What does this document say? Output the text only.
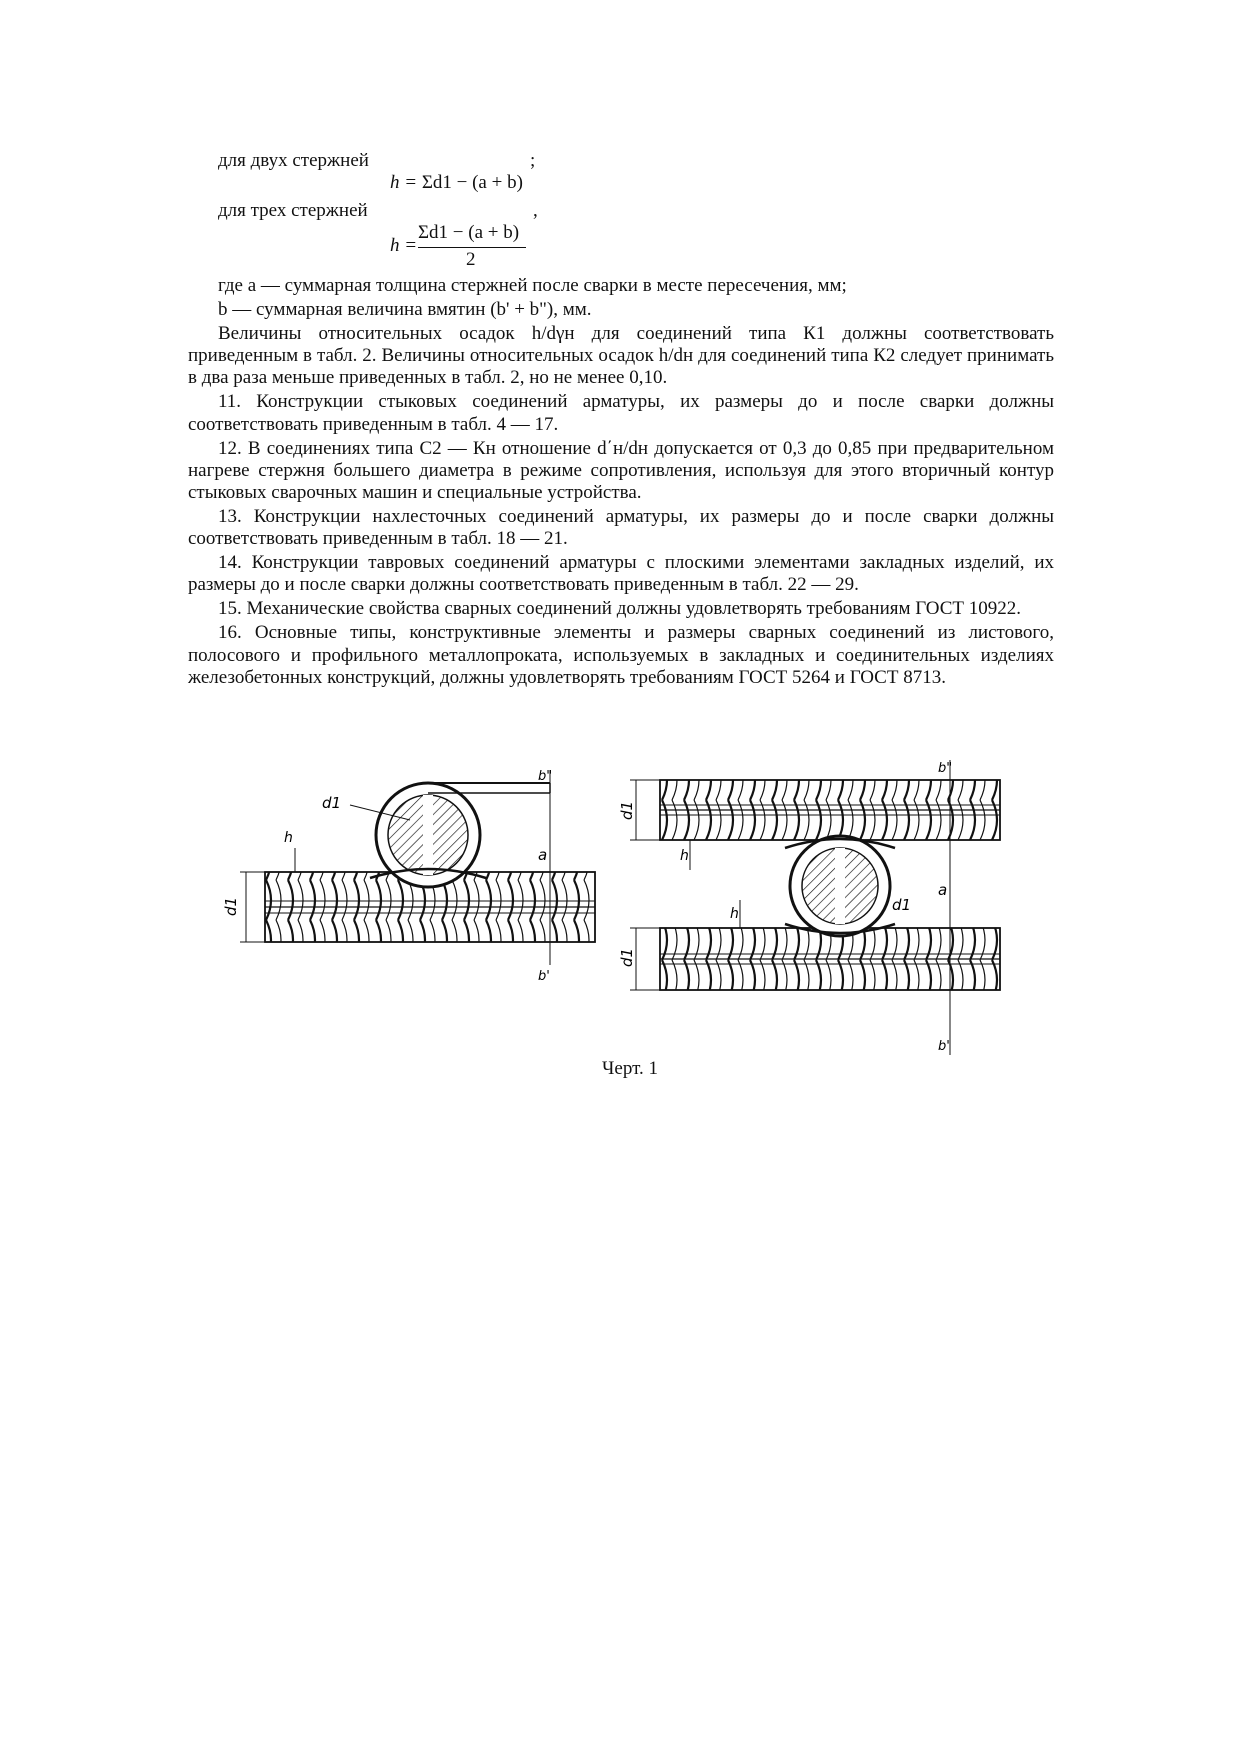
для двух стержней	;
h = Σd1 − (a + b)
для трех стержней	,
h =
Σd1 − (a + b)
2

где a — суммарная толщина стержней после сварки в месте пересечения, мм;

b — суммарная величина вмятин (b' + b"), мм.

Величины относительных осадок h/dγн для соединений типа К1 должны соответствовать приведенным в табл. 2. Величины относительных осадок h/dн для соединений типа К2 следует принимать в два раза меньше приведенных в табл. 2, но не менее 0,10.

11. Конструкции стыковых соединений арматуры, их размеры до и после сварки должны соответствовать приведенным в табл. 4 — 17.

12. В соединениях типа С2 — Кн отношение d΄н/dн допускается от 0,3 до 0,85 при предварительном нагреве стержня большего диаметра в режиме сопротивления, используя для этого вторичный контур стыковых сварочных машин и специальные устройства.

13. Конструкции нахлесточных соединений арматуры, их размеры до и после сварки должны соответствовать приведенным в табл. 18 — 21.

14. Конструкции тавровых соединений арматуры с плоскими элементами закладных изделий, их размеры до и после сварки должны соответствовать приведенным в табл. 22 — 29.

15. Механические свойства сварных соединений должны удовлетворять требованиям ГОСТ 10922.

16. Основные типы, конструктивные элементы и размеры сварных соединений из листового, полосового и профильного металлопроката, используемых в закладных и соединительных изделиях железобетонных конструкций, должны удовлетворять требованиям ГОСТ 5264 и ГОСТ 8713.

d1
h
d1
a
b"
b'
d1
d1
h
h	d1
a
b"
b'
Черт. 1
